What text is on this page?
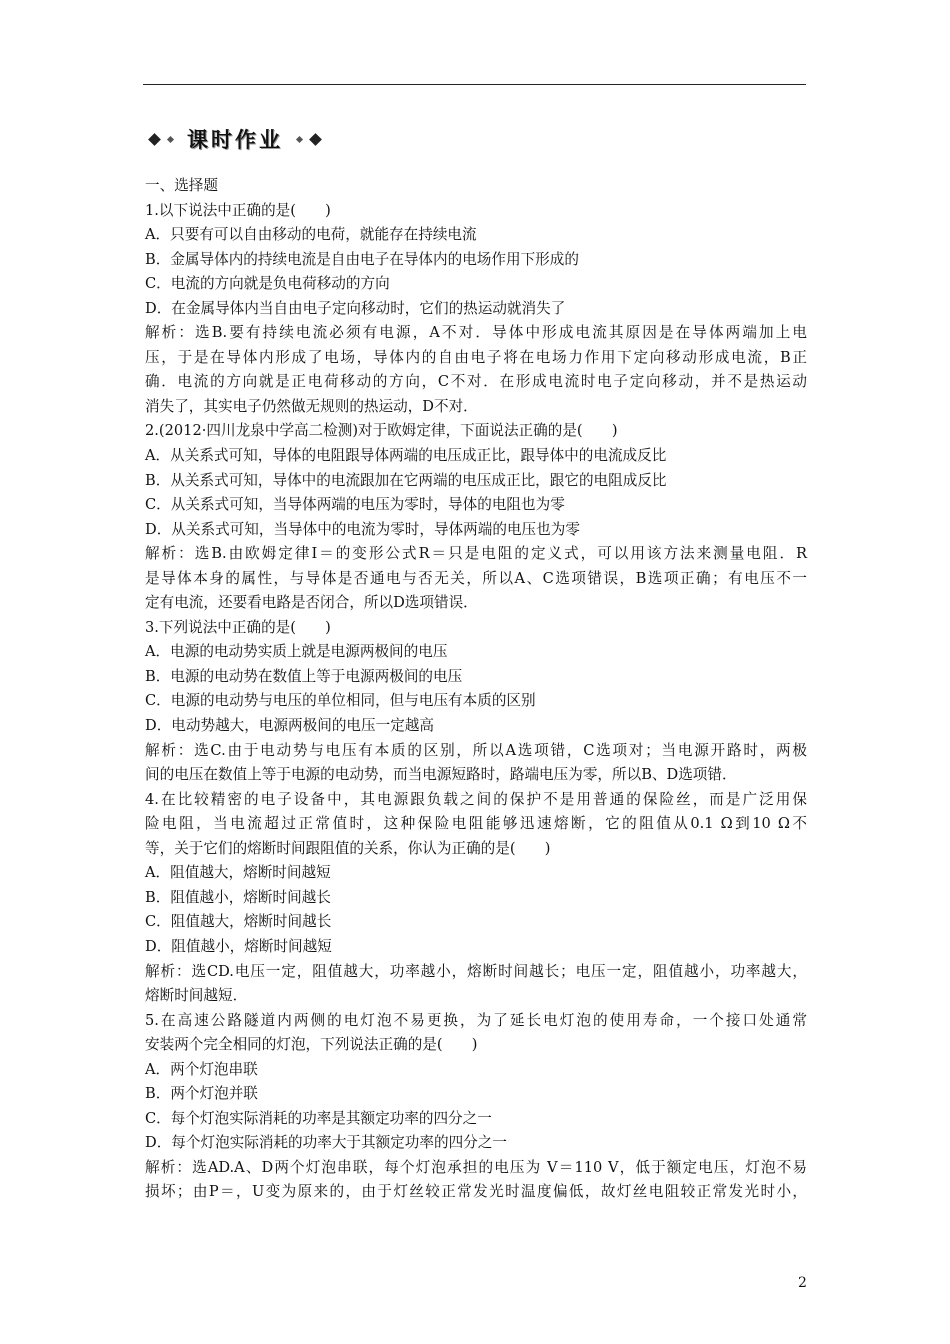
课时作业
一、选择题
1.以下说法中正确的是(　　)
A．只要有可以自由移动的电荷，就能存在持续电流
B．金属导体内的持续电流是自由电子在导体内的电场作用下形成的
C．电流的方向就是负电荷移动的方向
D．在金属导体内当自由电子定向移动时，它们的热运动就消失了
解析：选B.要有持续电流必须有电源，A不对．导体中形成电流其原因是在导体两端加上电
压，于是在导体内形成了电场，导体内的自由电子将在电场力作用下定向移动形成电流，B正
确．电流的方向就是正电荷移动的方向，C不对．在形成电流时电子定向移动，并不是热运动
消失了，其实电子仍然做无规则的热运动，D不对．
2.(2012·四川龙泉中学高二检测)对于欧姆定律，下面说法正确的是(　　)
A．从关系式可知，导体的电阻跟导体两端的电压成正比，跟导体中的电流成反比
B．从关系式可知，导体中的电流跟加在它两端的电压成正比，跟它的电阻成反比
C．从关系式可知，当导体两端的电压为零时，导体的电阻也为零
D．从关系式可知，当导体中的电流为零时，导体两端的电压也为零
解析：选B.由欧姆定律I＝的变形公式R＝只是电阻的定义式，可以用该方法来测量电阻．R
是导体本身的属性，与导体是否通电与否无关，所以A、C选项错误，B选项正确；有电压不一
定有电流，还要看电路是否闭合，所以D选项错误．
3.下列说法中正确的是(　　)
A．电源的电动势实质上就是电源两极间的电压
B．电源的电动势在数值上等于电源两极间的电压
C．电源的电动势与电压的单位相同，但与电压有本质的区别
D．电动势越大，电源两极间的电压一定越高
解析：选C.由于电动势与电压有本质的区别，所以A选项错，C选项对；当电源开路时，两极
间的电压在数值上等于电源的电动势，而当电源短路时，路端电压为零，所以B、D选项错．
4.在比较精密的电子设备中，其电源跟负载之间的保护不是用普通的保险丝，而是广泛用保
险电阻，当电流超过正常值时，这种保险电阻能够迅速熔断，它的阻值从0.1 Ω到10 Ω不
等，关于它们的熔断时间跟阻值的关系，你认为正确的是(　　)
A．阻值越大，熔断时间越短
B．阻值越小，熔断时间越长
C．阻值越大，熔断时间越长
D．阻值越小，熔断时间越短
解析：选CD.电压一定，阻值越大，功率越小，熔断时间越长；电压一定，阻值越小，功率越大，
熔断时间越短．
5.在高速公路隧道内两侧的电灯泡不易更换，为了延长电灯泡的使用寿命，一个接口处通常
安装两个完全相同的灯泡，下列说法正确的是(　　)
A．两个灯泡串联
B．两个灯泡并联
C．每个灯泡实际消耗的功率是其额定功率的四分之一
D．每个灯泡实际消耗的功率大于其额定功率的四分之一
解析：选AD.A、D两个灯泡串联，每个灯泡承担的电压为 V＝110 V，低于额定电压，灯泡不易
损坏；由P＝，U变为原来的，由于灯丝较正常发光时温度偏低，故灯丝电阻较正常发光时小，
2
